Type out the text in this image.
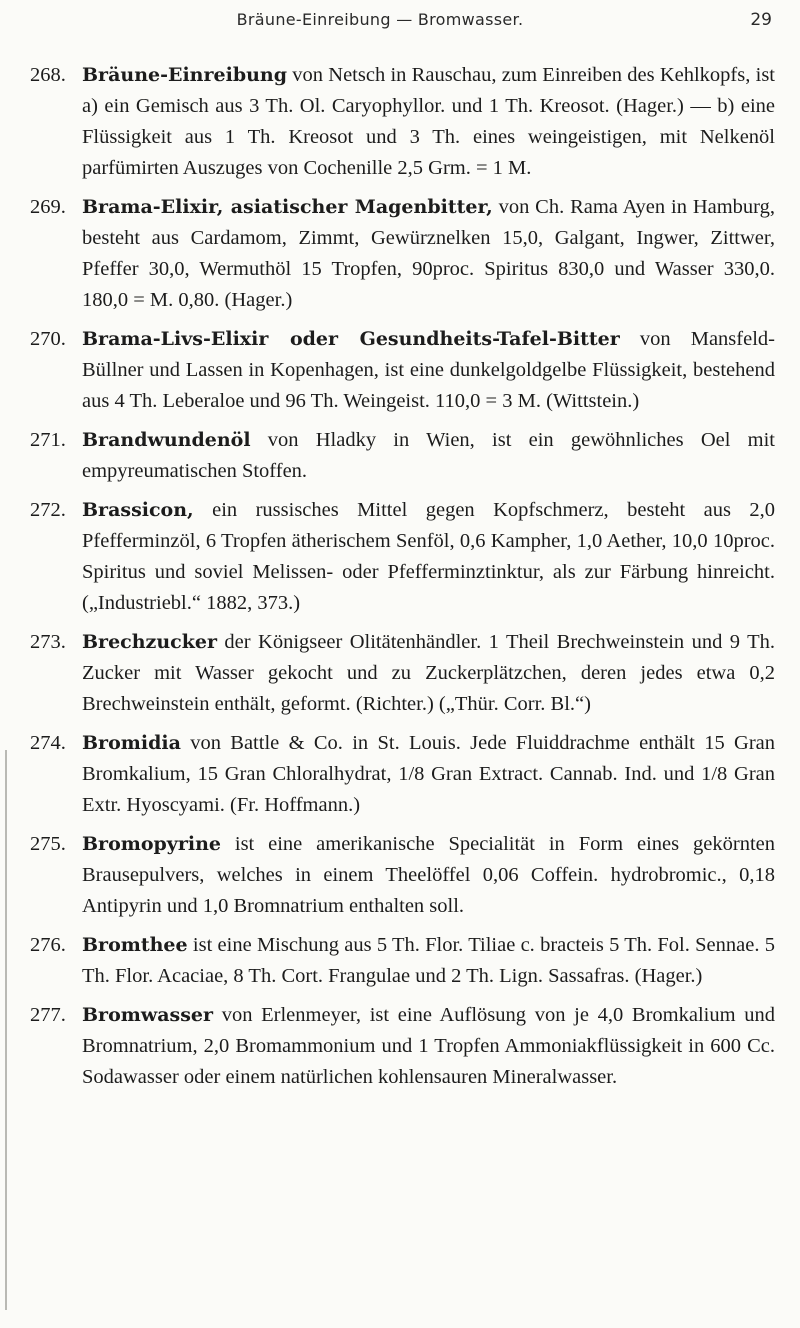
Bräune-Einreibung — Bromwasser.	29
268. Bräune-Einreibung von Netsch in Rauschau, zum Einreiben des Kehlkopfs, ist a) ein Gemisch aus 3 Th. Ol. Caryophyllor. und 1 Th. Kreosot. (Hager.) — b) eine Flüssigkeit aus 1 Th. Kreosot und 3 Th. eines weingeistigen, mit Nelkenöl parfümirten Auszuges von Cochenille 2,5 Grm. = 1 M.
269. Brama-Elixir, asiatischer Magenbitter, von Ch. Rama Ayen in Hamburg, besteht aus Cardamom, Zimmt, Gewürznelken 15,0, Galgant, Ingwer, Zittwer, Pfeffer 30,0, Wermuthöl 15 Tropfen, 90proc. Spiritus 830,0 und Wasser 330,0. 180,0 = M. 0,80. (Hager.)
270. Brama-Livs-Elixir oder Gesundheits-Tafel-Bitter von Mansfeld-Büllner und Lassen in Kopenhagen, ist eine dunkelgoldgelbe Flüssigkeit, bestehend aus 4 Th. Leberaloe und 96 Th. Weingeist. 110,0 = 3 M. (Wittstein.)
271. Brandwundenöl von Hladky in Wien, ist ein gewöhnliches Oel mit empyreumatischen Stoffen.
272. Brassicon, ein russisches Mittel gegen Kopfschmerz, besteht aus 2,0 Pfefferminzöl, 6 Tropfen ätherischem Senföl, 0,6 Kampher, 1,0 Aether, 10,0 10proc. Spiritus und soviel Melissen- oder Pfefferminztinktur, als zur Färbung hinreicht. („Industriebl.“ 1882, 373.)
273. Brechzucker der Königseer Olitätenhändler. 1 Theil Brechweinstein und 9 Th. Zucker mit Wasser gekocht und zu Zuckerplätzchen, deren jedes etwa 0,2 Brechweinstein enthält, geformt. (Richter.) („Thür. Corr. Bl.“)
274. Bromidia von Battle & Co. in St. Louis. Jede Fluiddrachme enthält 15 Gran Bromkalium, 15 Gran Chloralhydrat, 1/8 Gran Extract. Cannab. Ind. und 1/8 Gran Extr. Hyoscyami. (Fr. Hoffmann.)
275. Bromopyrine ist eine amerikanische Specialität in Form eines gekörnten Brausepulvers, welches in einem Theelöffel 0,06 Coffein. hydrobromic., 0,18 Antipyrin und 1,0 Bromnatrium enthalten soll.
276. Bromthee ist eine Mischung aus 5 Th. Flor. Tiliae c. bracteis 5 Th. Fol. Sennae. 5 Th. Flor. Acaciae, 8 Th. Cort. Frangulae und 2 Th. Lign. Sassafras. (Hager.)
277. Bromwasser von Erlenmeyer, ist eine Auflösung von je 4,0 Bromkalium und Bromnatrium, 2,0 Bromammonium und 1 Tropfen Ammoniakflüssigkeit in 600 Cc. Sodawasser oder einem natürlichen kohlensauren Mineralwasser.
